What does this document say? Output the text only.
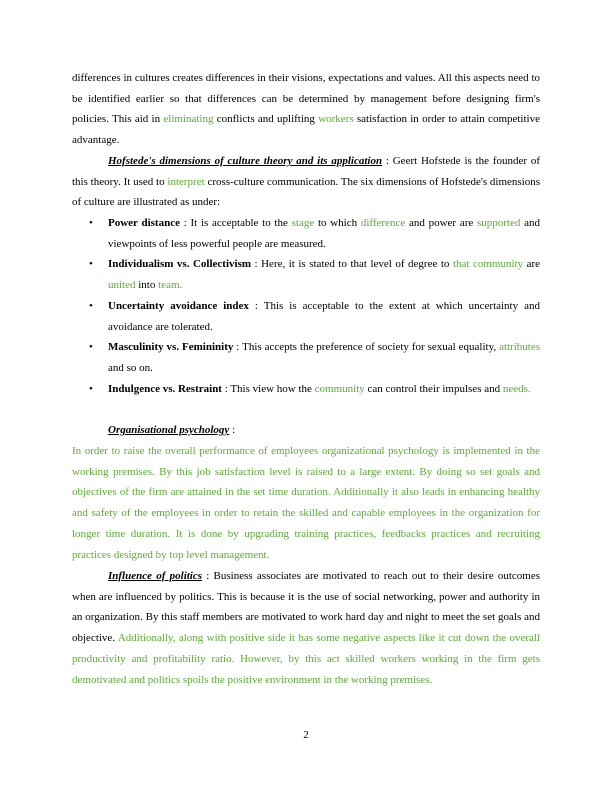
differences in cultures creates differences in their visions, expectations and values. All this aspects need to be identified earlier so that differences can be determined by management before designing firm's policies. This aid in eliminating conflicts and uplifting workers satisfaction in order to attain competitive advantage.

Hofstede's dimensions of culture theory and its application : Geert Hofstede is the founder of this theory. It used to interpret cross-culture communication. The six dimensions of Hofstede's dimensions of culture are illustrated as under:

• Power distance : It is acceptable to the stage to which difference and power are supported and viewpoints of less powerful people are measured.
• Individualism vs. Collectivism : Here, it is stated to that level of degree to that community are united into team.
• Uncertainty avoidance index : This is acceptable to the extent at which uncertainty and avoidance are tolerated.
• Masculinity vs. Femininity : This accepts the preference of society for sexual equality, attributes and so on.
• Indulgence vs. Restraint : This view how the community can control their impulses and needs.

Organisational psychology :

In order to raise the overall performance of employees organizational psychology is implemented in the working premises. By this job satisfaction level is raised to a large extent. By doing so set goals and objectives of the firm are attained in the set time duration. Additionally it also leads in enhancing healthy and safety of the employees in order to retain the skilled and capable employees in the organization for longer time duration. It is done by upgrading training practices, feedbacks practices and recruiting practices designed by top level management.

Influence of politics : Business associates are motivated to reach out to their desire outcomes when are influenced by politics. This is because it is the use of social networking, power and authority in an organization. By this staff members are motivated to work hard day and night to meet the set goals and objective. Additionally, along with positive side it has some negative aspects like it cut down the overall productivity and profitability ratio. However, by this act skilled workers working in the firm gets demotivated and politics spoils the positive environment in the working premises.

2
